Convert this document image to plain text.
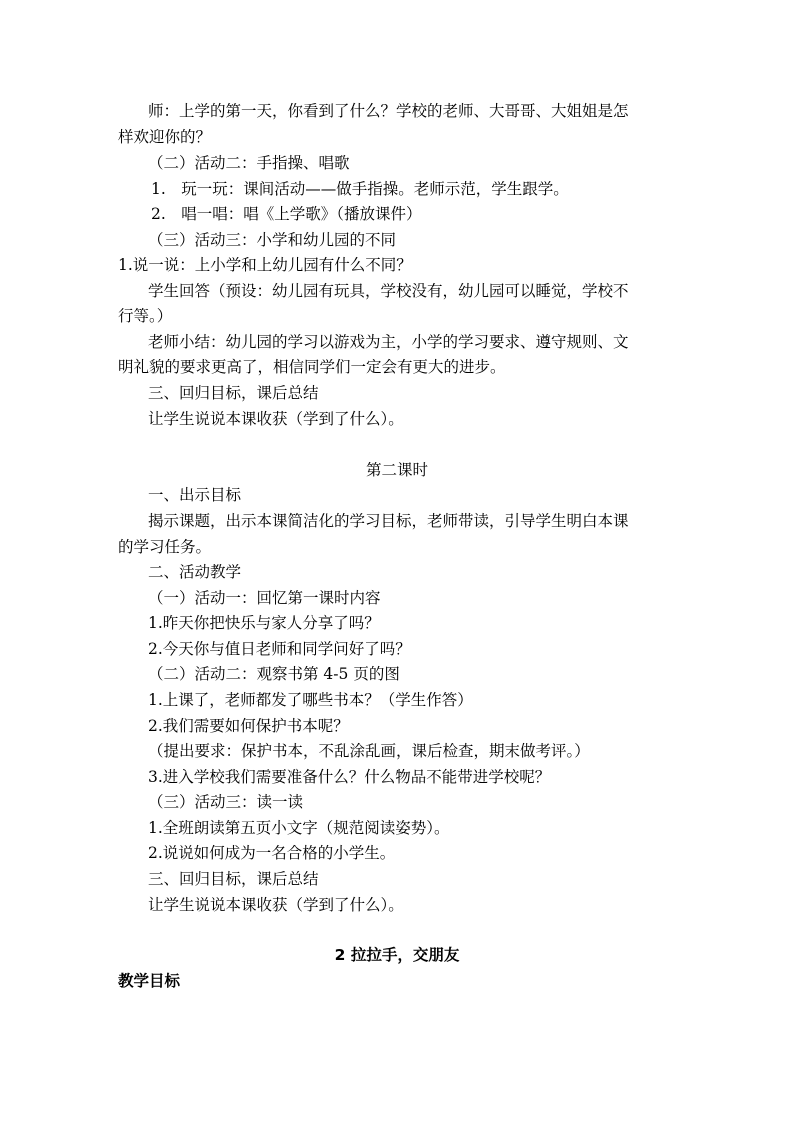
师：上学的第一天，你看到了什么？学校的老师、大哥哥、大姐姐是怎
样欢迎你的？
（二）活动二：手指操、唱歌
1.　玩一玩：课间活动——做手指操。老师示范，学生跟学。
2.　唱一唱：唱《上学歌》（播放课件）
（三）活动三：小学和幼儿园的不同
1.说一说：上小学和上幼儿园有什么不同？
学生回答（预设：幼儿园有玩具，学校没有，幼儿园可以睡觉，学校不
行等。）
老师小结：幼儿园的学习以游戏为主，小学的学习要求、遵守规则、文
明礼貌的要求更高了，相信同学们一定会有更大的进步。
三、回归目标，课后总结
让学生说说本课收获（学到了什么）。
第二课时
一、出示目标
揭示课题，出示本课简洁化的学习目标，老师带读，引导学生明白本课
的学习任务。
二、活动教学
（一）活动一：回忆第一课时内容
1.昨天你把快乐与家人分享了吗？
2.今天你与值日老师和同学问好了吗？
（二）活动二：观察书第 4-5 页的图
1.上课了，老师都发了哪些书本？（学生作答）
2.我们需要如何保护书本呢？
（提出要求：保护书本，不乱涂乱画，课后检查，期末做考评。）
3.进入学校我们需要准备什么？什么物品不能带进学校呢？
（三）活动三：读一读
1.全班朗读第五页小文字（规范阅读姿势）。
2.说说如何成为一名合格的小学生。
三、回归目标，课后总结
让学生说说本课收获（学到了什么）。
2 拉拉手，交朋友
教学目标
